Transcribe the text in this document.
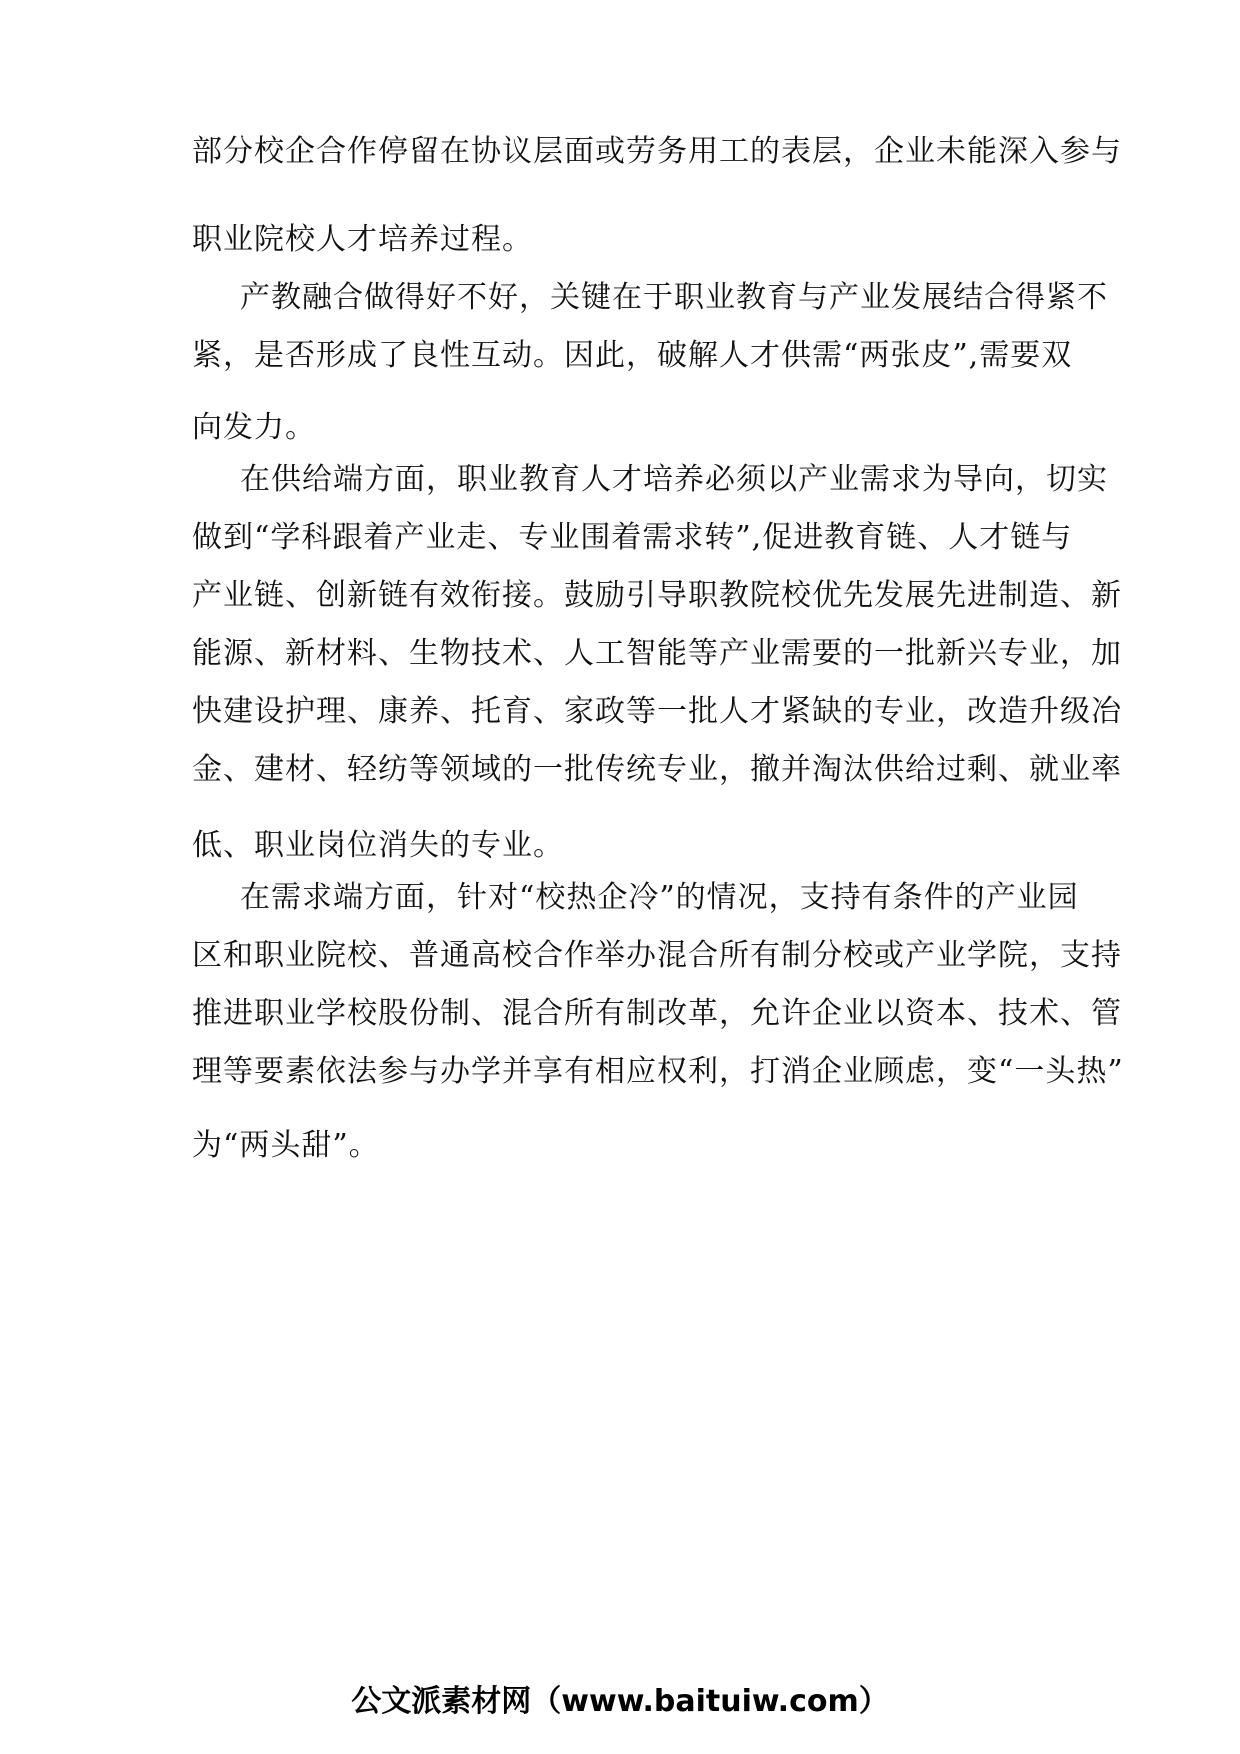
部分校企合作停留在协议层面或劳务用工的表层，企业未能深入参与
职业院校人才培养过程。
产教融合做得好不好，关键在于职业教育与产业发展结合得紧不
紧，是否形成了良性互动。因此，破解人才供需“两张皮”,需要双
向发力。
在供给端方面，职业教育人才培养必须以产业需求为导向，切实
做到“学科跟着产业走、专业围着需求转”,促进教育链、人才链与
产业链、创新链有效衔接。鼓励引导职教院校优先发展先进制造、新
能源、新材料、生物技术、人工智能等产业需要的一批新兴专业，加
快建设护理、康养、托育、家政等一批人才紧缺的专业，改造升级冶
金、建材、轻纺等领域的一批传统专业，撤并淘汰供给过剩、就业率
低、职业岗位消失的专业。
在需求端方面，针对“校热企冷”的情况，支持有条件的产业园
区和职业院校、普通高校合作举办混合所有制分校或产业学院，支持
推进职业学校股份制、混合所有制改革，允许企业以资本、技术、管
理等要素依法参与办学并享有相应权利，打消企业顾虑，变“一头热”
为“两头甜”。
公文派素材网（www.baituiw.com）
